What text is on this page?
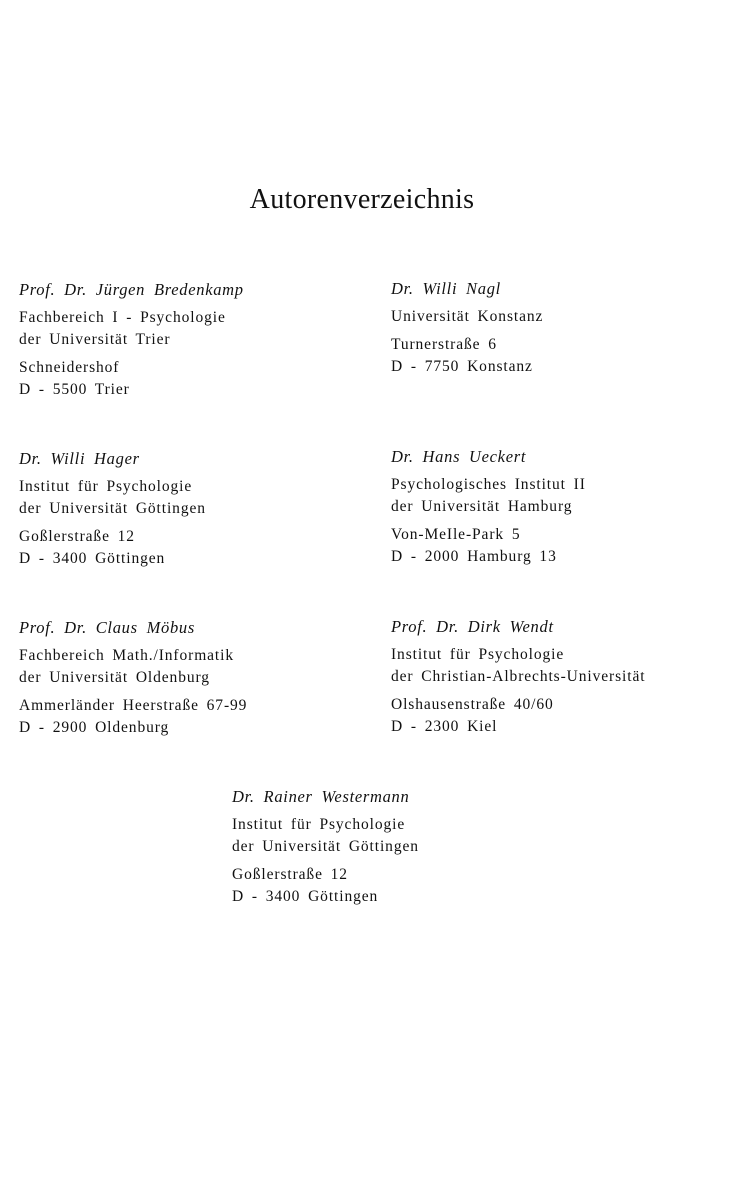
Autorenverzeichnis
Prof. Dr. Jürgen Bredenkamp
Fachbereich I - Psychologie
der Universität Trier
Schneidershof
D - 5500 Trier
Dr. Willi Nagl
Universität Konstanz
Turnerstraße 6
D - 7750 Konstanz
Dr. Willi Hager
Institut für Psychologie
der Universität Göttingen
Goßlerstraße 12
D - 3400 Göttingen
Dr. Hans Ueckert
Psychologisches Institut II
der Universität Hamburg
Von-MeIle-Park 5
D - 2000 Hamburg 13
Prof. Dr. Claus Möbus
Fachbereich Math./Informatik
der Universität Oldenburg
Ammerländer Heerstraße 67-99
D - 2900 Oldenburg
Prof. Dr. Dirk Wendt
Institut für Psychologie
der Christian-Albrechts-Universität
Olshausenstraße 40/60
D - 2300 Kiel
Dr. Rainer Westermann
Institut für Psychologie
der Universität Göttingen
Goßlerstraße 12
D - 3400 Göttingen
